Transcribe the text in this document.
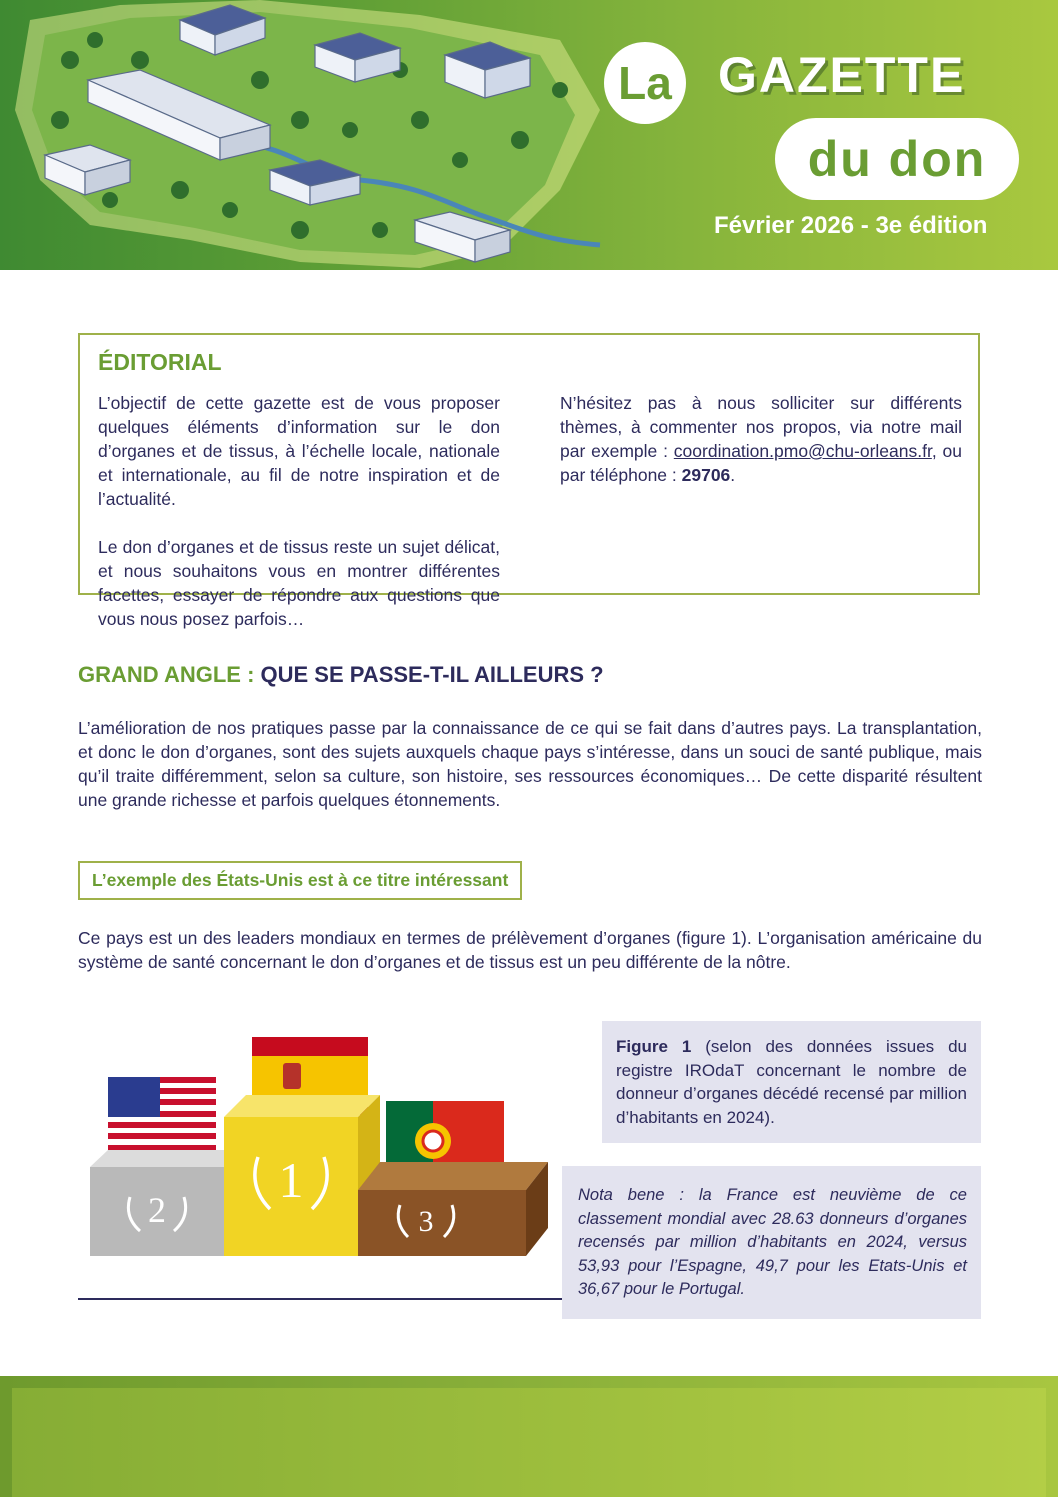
La GAZETTE
du don
Février 2026 - 3e édition
ÉDITORIAL

L’objectif de cette gazette est de vous proposer quelques éléments d’information sur le don d’organes et de tissus, à l’échelle locale, nationale et internationale, au fil de notre inspiration et de l’actualité.

Le don d’organes et de tissus reste un sujet délicat, et nous souhaitons vous en montrer différentes facettes, essayer de répondre aux questions que vous nous posez parfois…

N’hésitez pas à nous solliciter sur différents thèmes, à commenter nos propos, via notre mail par exemple : coordination.pmo@chu-orleans.fr, ou par téléphone : 29706.

GRAND ANGLE : QUE SE PASSE-T-IL AILLEURS ?

L’amélioration de nos pratiques passe par la connaissance de ce qui se fait dans d’autres pays. La transplantation, et donc le don d’organes, sont des sujets auxquels chaque pays s’intéresse, dans un souci de santé publique, mais qu’il traite différemment, selon sa culture, son histoire, ses ressources économiques… De cette disparité résultent une grande richesse et parfois quelques étonnements.

L’exemple des États-Unis est à ce titre intéressant

Ce pays est un des leaders mondiaux en termes de prélèvement d’organes (figure 1). L’organisation américaine du système de santé concernant le don d’organes et de tissus est un peu différente de la nôtre.

2
1
3
Figure 1 (selon des données issues du registre IROdaT concernant le nombre de donneur d’organes décédé recensé par million d’habitants en 2024).
Nota bene : la France est neuvième de ce classement mondial avec 28.63 donneurs d’organes recensés par million d’habitants en 2024, versus 53,93 pour l’Espagne, 49,7 pour les Etats-Unis et 36,67 pour le Portugal.
